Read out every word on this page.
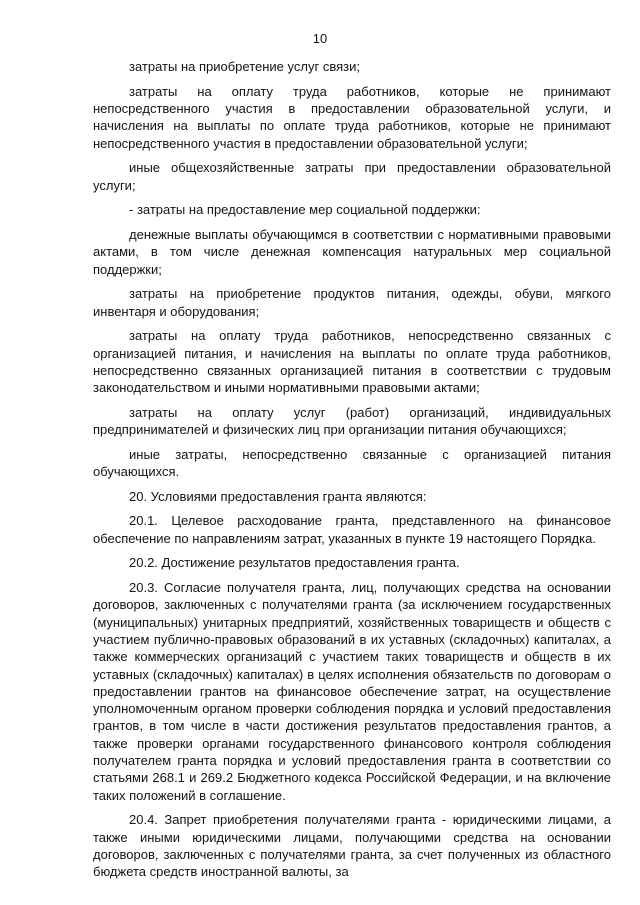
10

затраты на приобретение услуг связи;

затраты на оплату труда работников, которые не принимают непосредственного участия в предоставлении образовательной услуги, и начисления на выплаты по оплате труда работников, которые не принимают непосредственного участия в предоставлении образовательной услуги;

иные общехозяйственные затраты при предоставлении образовательной услуги;

- затраты на предоставление мер социальной поддержки:

денежные выплаты обучающимся в соответствии с нормативными правовыми актами, в том числе денежная компенсация натуральных мер социальной поддержки;

затраты на приобретение продуктов питания, одежды, обуви, мягкого инвентаря и оборудования;

затраты на оплату труда работников, непосредственно связанных с организацией питания, и начисления на выплаты по оплате труда работников, непосредственно связанных организацией питания в соответствии с трудовым законодательством и иными нормативными правовыми актами;

затраты на оплату услуг (работ) организаций, индивидуальных предпринимателей и физических лиц при организации питания обучающихся;

иные затраты, непосредственно связанные с организацией питания обучающихся.

20. Условиями предоставления гранта являются:

20.1. Целевое расходование гранта, представленного на финансовое обеспечение по направлениям затрат, указанных в пункте 19 настоящего Порядка.

20.2. Достижение результатов предоставления гранта.

20.3. Согласие получателя гранта, лиц, получающих средства на основании договоров, заключенных с получателями гранта (за исключением государственных (муниципальных) унитарных предприятий, хозяйственных товариществ и обществ с участием публично-правовых образований в их уставных (складочных) капиталах, а также коммерческих организаций с участием таких товариществ и обществ в их уставных (складочных) капиталах) в целях исполнения обязательств по договорам о предоставлении грантов на финансовое обеспечение затрат, на осуществление уполномоченным органом проверки соблюдения порядка и условий предоставления грантов, в том числе в части достижения результатов предоставления грантов, а также проверки органами государственного финансового контроля соблюдения получателем гранта порядка и условий предоставления гранта в соответствии со статьями 268.1 и 269.2 Бюджетного кодекса Российской Федерации, и на включение таких положений в соглашение.

20.4. Запрет приобретения получателями гранта - юридическими лицами, а также иными юридическими лицами, получающими средства на основании договоров, заключенных с получателями гранта, за счет полученных из областного бюджета средств иностранной валюты, за
